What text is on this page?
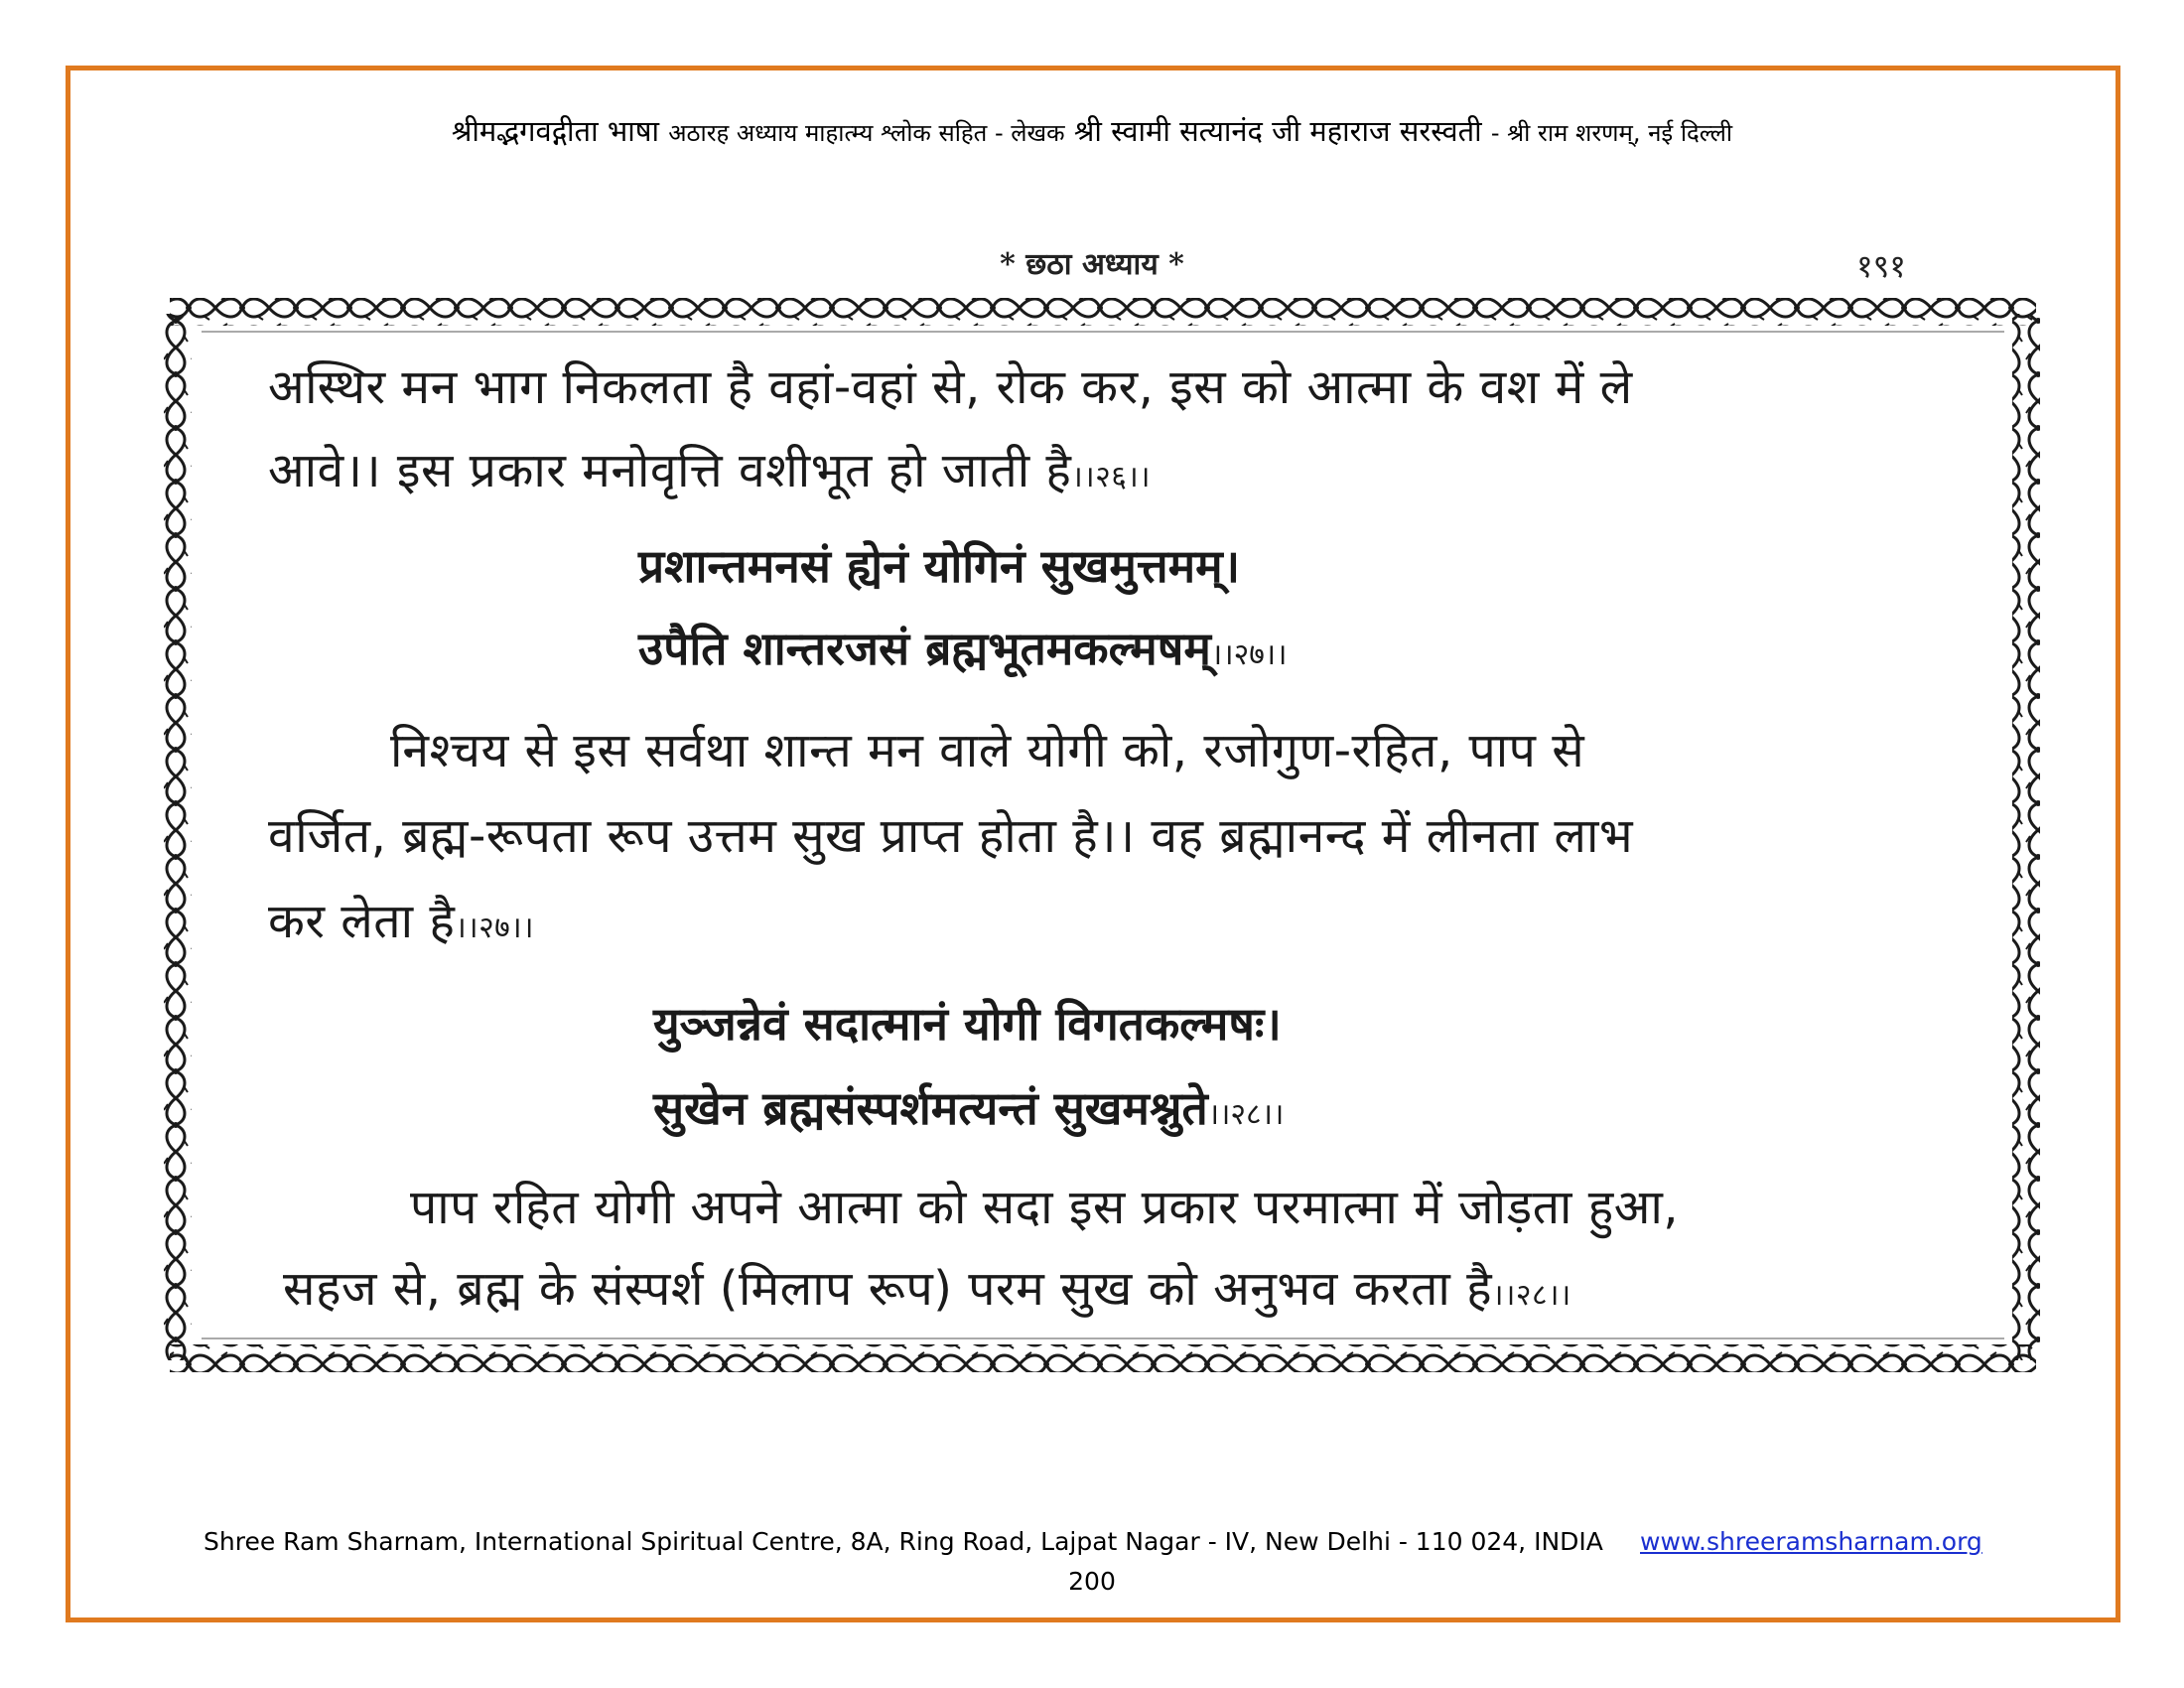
श्रीमद्भगवद्गीता भाषा अठारह अध्याय माहात्म्य श्लोक सहित - लेखक श्री स्वामी सत्यानंद जी महाराज सरस्वती - श्री राम शरणम्, नई दिल्ली
* छठा अध्याय *	१९१
अस्थिर मन भाग निकलता है वहां-वहां से, रोक कर, इस को आत्मा के वश में ले
आवे।। इस प्रकार मनोवृत्ति वशीभूत हो जाती है।।२६।।
प्रशान्तमनसं ह्येनं योगिनं सुखमुत्तमम्।
उपैति शान्तरजसं ब्रह्मभूतमकल्मषम्।।२७।।
निश्चय से इस सर्वथा शान्त मन वाले योगी को, रजोगुण-रहित, पाप से
वर्जित, ब्रह्म-रूपता रूप उत्तम सुख प्राप्त होता है।। वह ब्रह्मानन्द में लीनता लाभ
कर लेता है।।२७।।
युञ्जन्नेवं सदात्मानं योगी विगतकल्मषः।
सुखेन ब्रह्मसंस्पर्शमत्यन्तं सुखमश्नुते।।२८।।
पाप रहित योगी अपने आत्मा को सदा इस प्रकार परमात्मा में जोड़ता हुआ,
सहज से, ब्रह्म के संस्पर्श (मिलाप रूप) परम सुख को अनुभव करता है।।२८।।
Shree Ram Sharnam, International Spiritual Centre, 8A, Ring Road, Lajpat Nagar - IV, New Delhi - 110 024, INDIA www.shreeramsharnam.org
200
